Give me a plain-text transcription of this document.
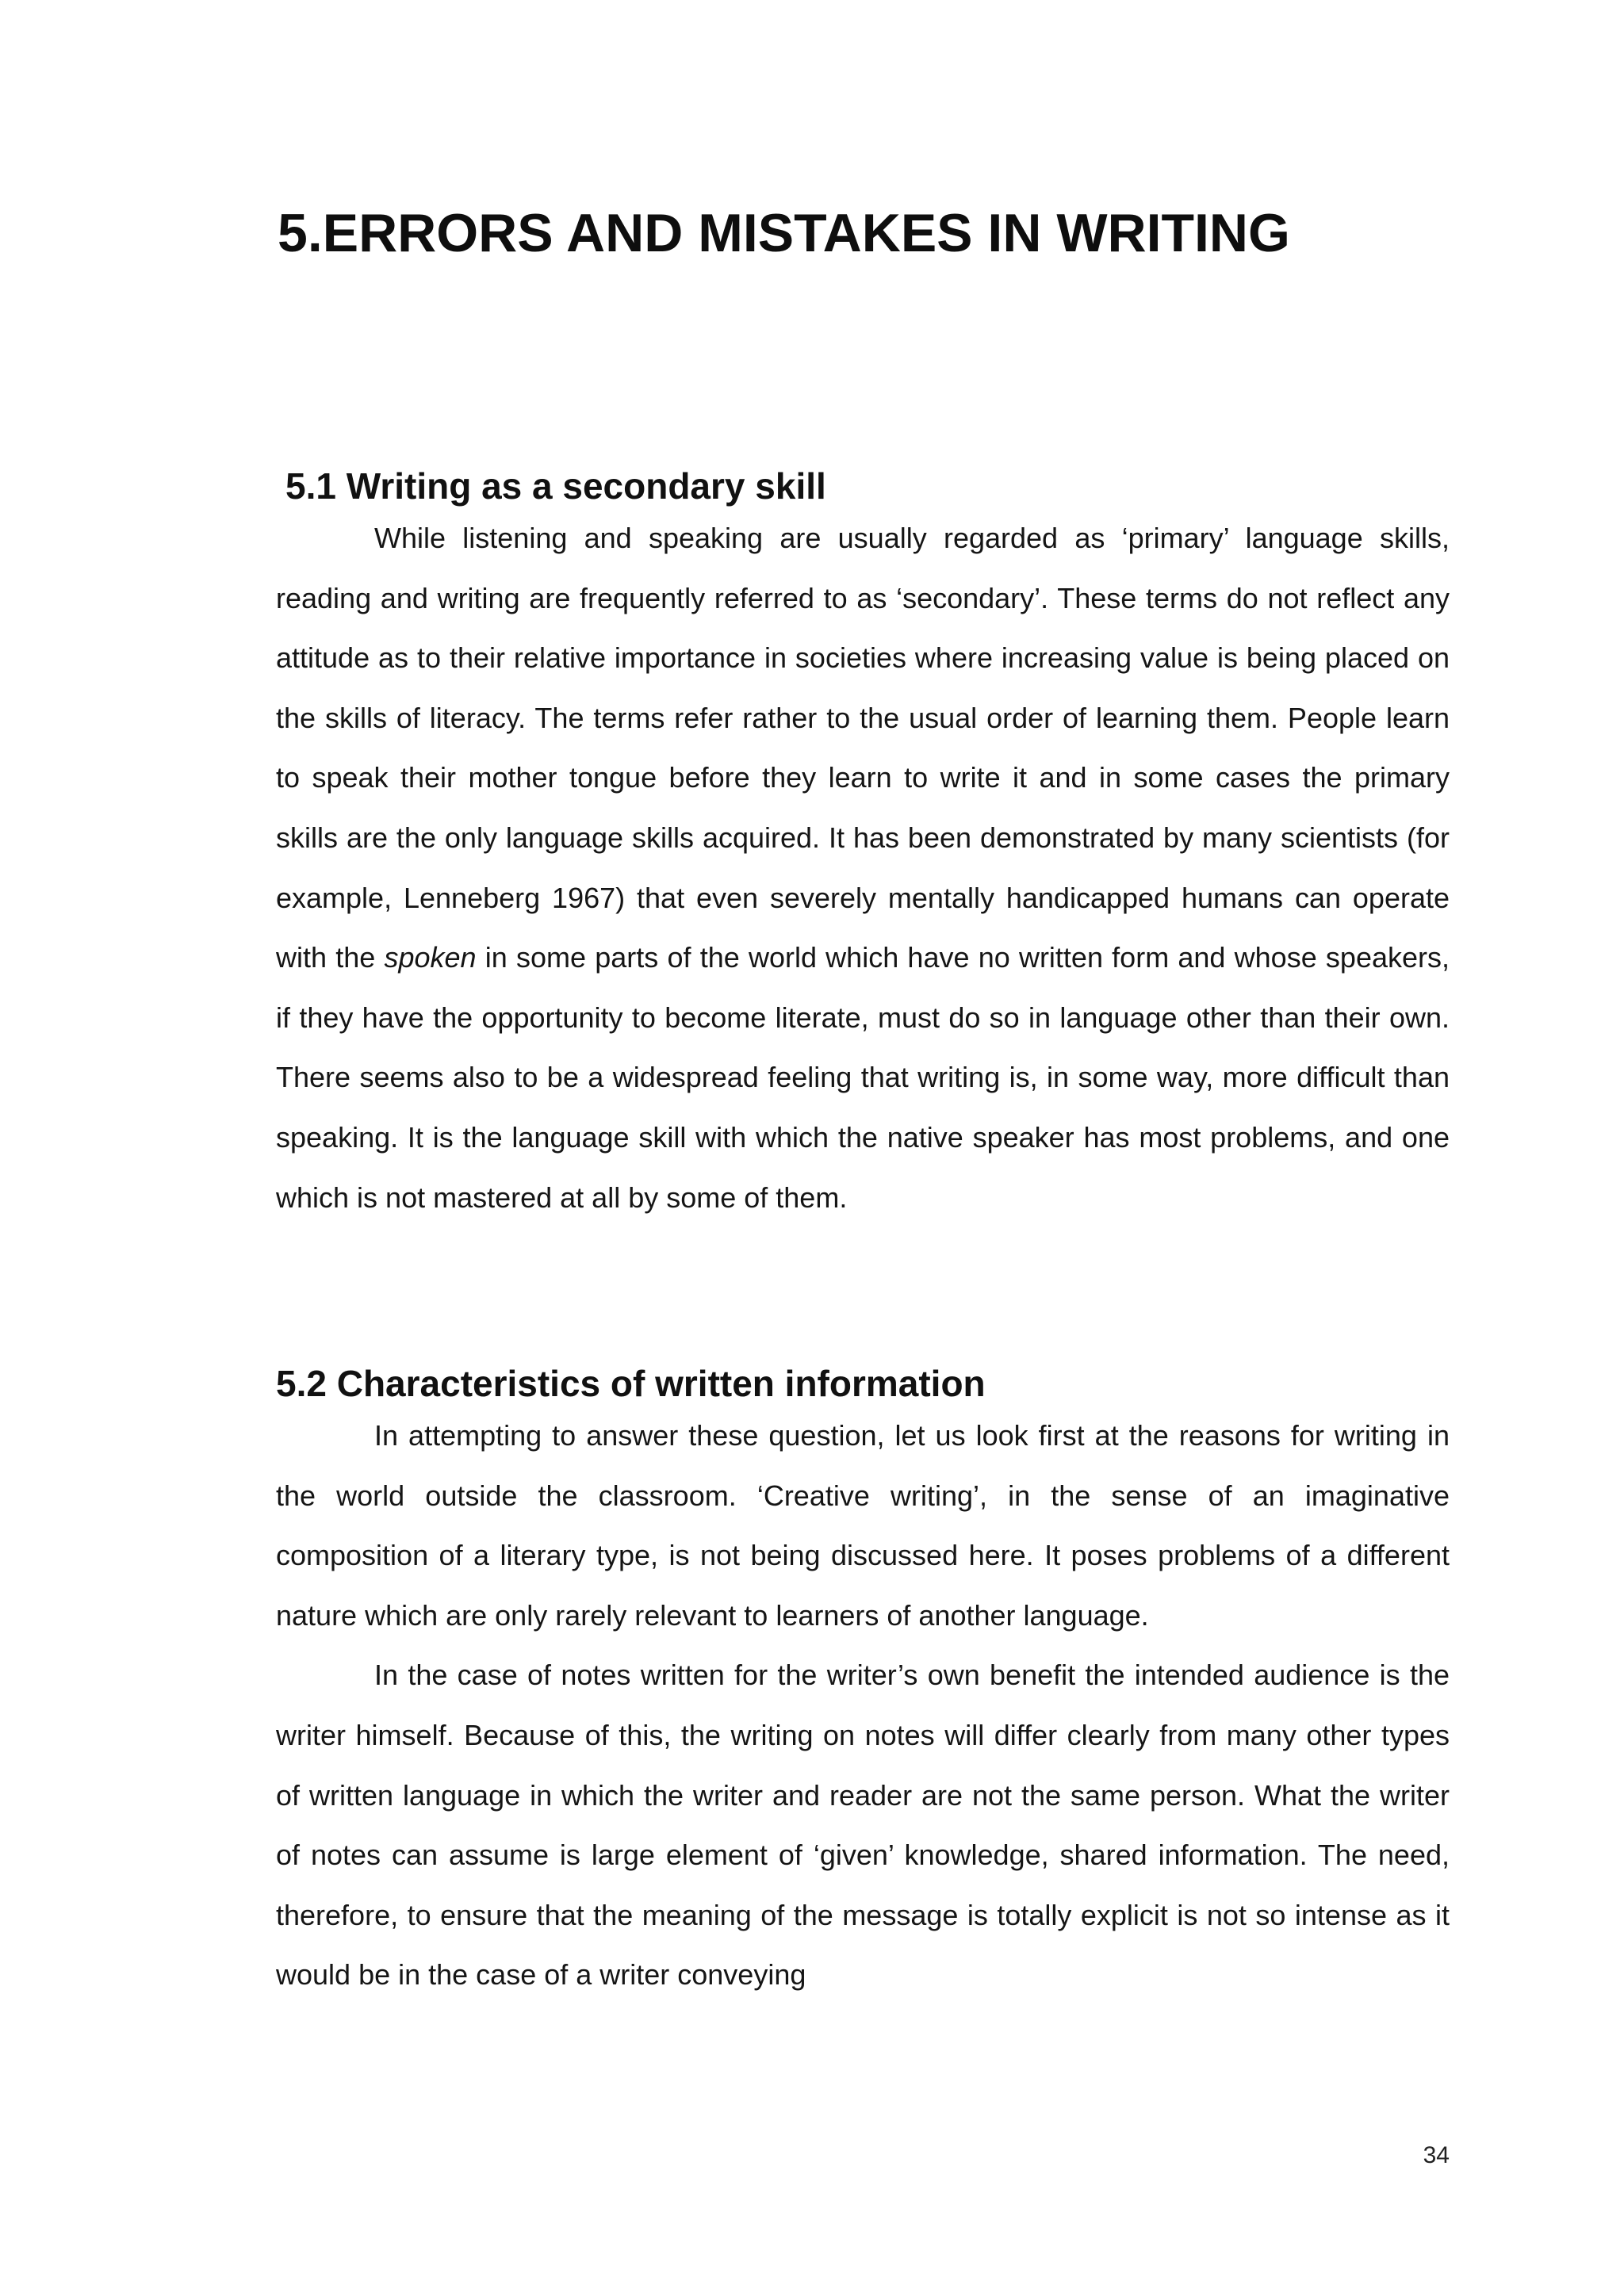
5.ERRORS AND MISTAKES IN WRITING
5.1 Writing as a secondary skill

While listening and speaking are usually regarded as ‘primary’ language skills, reading and writing are frequently referred to as ‘secondary’. These terms do not reflect any attitude as to their relative importance in societies where increasing value is being placed on the skills of literacy. The terms refer rather to the usual order of learning them. People learn to speak their mother tongue before they learn to write it and in some cases the primary skills are the only language skills acquired. It has been demonstrated by many scientists (for example, Lenneberg 1967) that even severely mentally handicapped humans can operate with the spoken in some parts of the world which have no written form and whose speakers, if they have the opportunity to become literate, must do so in language other than their own. There seems also to be a widespread feeling that writing is, in some way, more difficult than speaking. It is the language skill with which the native speaker has most problems, and one which is not mastered at all by some of them.

5.2 Characteristics of written information

In attempting to answer these question, let us look first at the reasons for writing in the world outside the classroom. ‘Creative writing’, in the sense of an imaginative composition of a literary type, is not being discussed here. It poses problems of a different nature which are only rarely relevant to learners of another language.

In the case of notes written for the writer’s own benefit the intended audience is the writer himself. Because of this, the writing on notes will differ clearly from many other types of written language in which the writer and reader are not the same person. What the writer of notes can assume is large element of ‘given’ knowledge, shared information. The need, therefore, to ensure that the meaning of the message is totally explicit is not so intense as it would be in the case of a writer conveying

34
